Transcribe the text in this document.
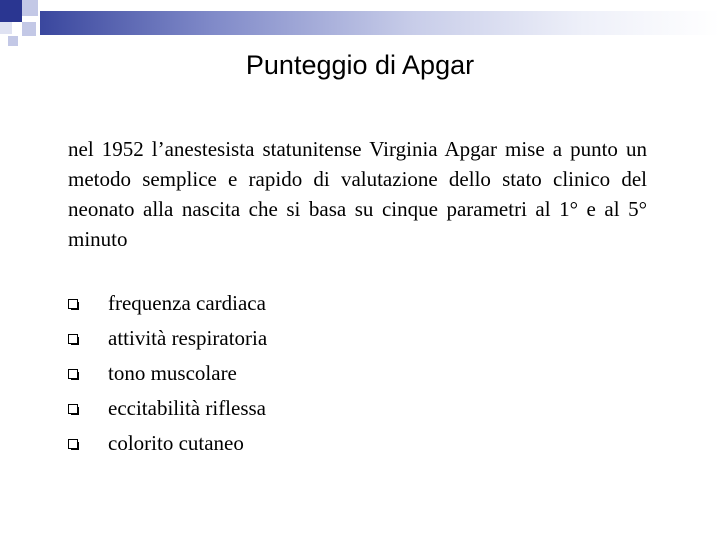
Punteggio di Apgar

nel 1952 l’anestesista statunitense Virginia Apgar mise a punto un metodo semplice e rapido di valutazione dello stato clinico del neonato alla nascita che si basa su cinque parametri al 1° e al 5° minuto

frequenza cardiaca
attività respiratoria
tono muscolare
eccitabilità riflessa
colorito cutaneo
